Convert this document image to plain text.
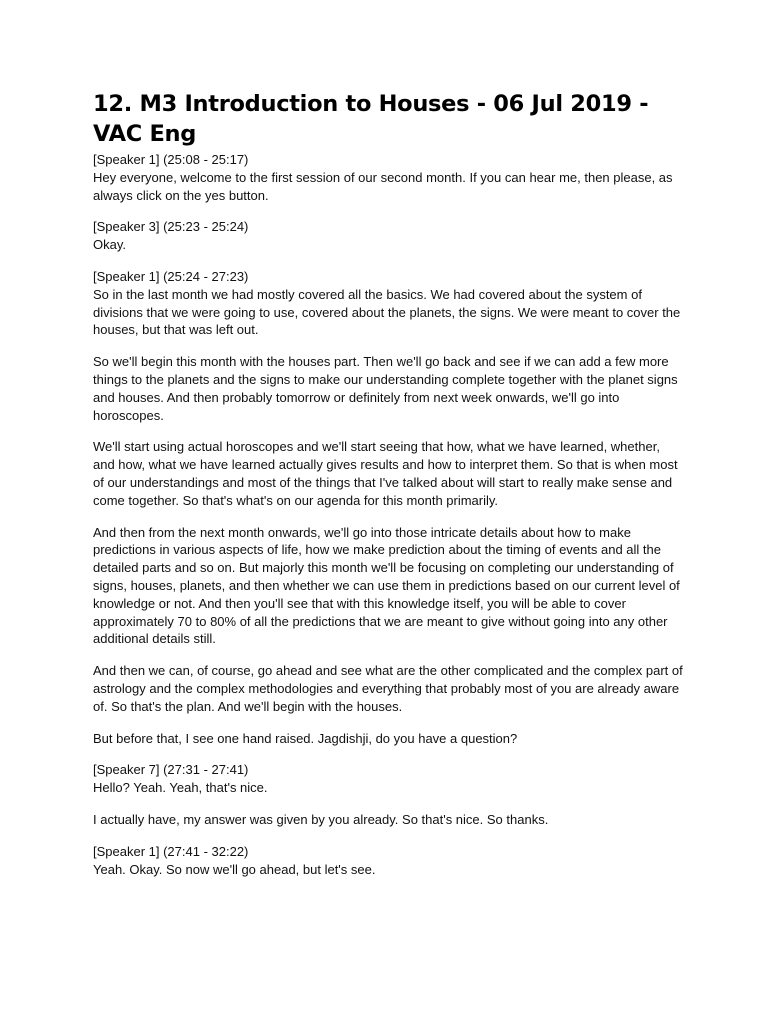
12. M3 Introduction to Houses - 06 Jul 2019 - VAC Eng
[Speaker 1] (25:08 - 25:17)

Hey everyone, welcome to the first session of our second month. If you can hear me, then please, as always click on the yes button.

[Speaker 3] (25:23 - 25:24)

Okay.

[Speaker 1] (25:24 - 27:23)

So in the last month we had mostly covered all the basics. We had covered about the system of divisions that we were going to use, covered about the planets, the signs. We were meant to cover the houses, but that was left out.

So we'll begin this month with the houses part. Then we'll go back and see if we can add a few more things to the planets and the signs to make our understanding complete together with the planet signs and houses. And then probably tomorrow or definitely from next week onwards, we'll go into horoscopes.

We'll start using actual horoscopes and we'll start seeing that how, what we have learned, whether, and how, what we have learned actually gives results and how to interpret them. So that is when most of our understandings and most of the things that I've talked about will start to really make sense and come together. So that's what's on our agenda for this month primarily.

And then from the next month onwards, we'll go into those intricate details about how to make predictions in various aspects of life, how we make prediction about the timing of events and all the detailed parts and so on. But majorly this month we'll be focusing on completing our understanding of signs, houses, planets, and then whether we can use them in predictions based on our current level of knowledge or not. And then you'll see that with this knowledge itself, you will be able to cover approximately 70 to 80% of all the predictions that we are meant to give without going into any other additional details still.

And then we can, of course, go ahead and see what are the other complicated and the complex part of astrology and the complex methodologies and everything that probably most of you are already aware of. So that's the plan. And we'll begin with the houses.

But before that, I see one hand raised. Jagdishji, do you have a question?

[Speaker 7] (27:31 - 27:41)

Hello? Yeah. Yeah, that's nice.

I actually have, my answer was given by you already. So that's nice. So thanks.

[Speaker 1] (27:41 - 32:22)

Yeah. Okay. So now we'll go ahead, but let's see.
